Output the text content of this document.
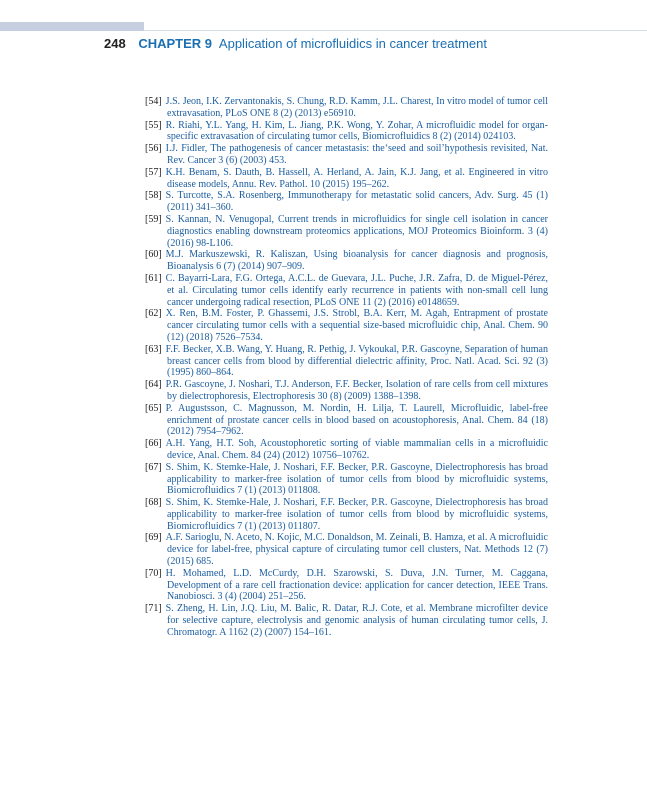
248 CHAPTER 9 Application of microfluidics in cancer treatment
[54] J.S. Jeon, I.K. Zervantonakis, S. Chung, R.D. Kamm, J.L. Charest, In vitro model of tumor cell extravasation, PLoS ONE 8 (2) (2013) e56910.
[55] R. Riahi, Y.L. Yang, H. Kim, L. Jiang, P.K. Wong, Y. Zohar, A microfluidic model for organ-specific extravasation of circulating tumor cells, Biomicrofluidics 8 (2) (2014) 024103.
[56] I.J. Fidler, The pathogenesis of cancer metastasis: the‘seed and soil’hypothesis revisited, Nat. Rev. Cancer 3 (6) (2003) 453.
[57] K.H. Benam, S. Dauth, B. Hassell, A. Herland, A. Jain, K.J. Jang, et al. Engineered in vitro disease models, Annu. Rev. Pathol. 10 (2015) 195–262.
[58] S. Turcotte, S.A. Rosenberg, Immunotherapy for metastatic solid cancers, Adv. Surg. 45 (1) (2011) 341–360.
[59] S. Kannan, N. Venugopal, Current trends in microfluidics for single cell isolation in cancer diagnostics enabling downstream proteomics applications, MOJ Proteomics Bioinform. 3 (4) (2016) 98-L106.
[60] M.J. Markuszewski, R. Kaliszan, Using bioanalysis for cancer diagnosis and prognosis, Bioanalysis 6 (7) (2014) 907–909.
[61] C. Bayarri-Lara, F.G. Ortega, A.C.L. de Guevara, J.L. Puche, J.R. Zafra, D. de Miguel-Pérez, et al. Circulating tumor cells identify early recurrence in patients with non-small cell lung cancer undergoing radical resection, PLoS ONE 11 (2) (2016) e0148659.
[62] X. Ren, B.M. Foster, P. Ghassemi, J.S. Strobl, B.A. Kerr, M. Agah, Entrapment of prostate cancer circulating tumor cells with a sequential size-based microfluidic chip, Anal. Chem. 90 (12) (2018) 7526–7534.
[63] F.F. Becker, X.B. Wang, Y. Huang, R. Pethig, J. Vykoukal, P.R. Gascoyne, Separation of human breast cancer cells from blood by differential dielectric affinity, Proc. Natl. Acad. Sci. 92 (3) (1995) 860–864.
[64] P.R. Gascoyne, J. Noshari, T.J. Anderson, F.F. Becker, Isolation of rare cells from cell mixtures by dielectrophoresis, Electrophoresis 30 (8) (2009) 1388–1398.
[65] P. Augustsson, C. Magnusson, M. Nordin, H. Lilja, T. Laurell, Microfluidic, label-free enrichment of prostate cancer cells in blood based on acoustophoresis, Anal. Chem. 84 (18) (2012) 7954–7962.
[66] A.H. Yang, H.T. Soh, Acoustophoretic sorting of viable mammalian cells in a microfluidic device, Anal. Chem. 84 (24) (2012) 10756–10762.
[67] S. Shim, K. Stemke-Hale, J. Noshari, F.F. Becker, P.R. Gascoyne, Dielectrophoresis has broad applicability to marker-free isolation of tumor cells from blood by microfluidic systems, Biomicrofluidics 7 (1) (2013) 011808.
[68] S. Shim, K. Stemke-Hale, J. Noshari, F.F. Becker, P.R. Gascoyne, Dielectrophoresis has broad applicability to marker-free isolation of tumor cells from blood by microfluidic systems, Biomicrofluidics 7 (1) (2013) 011807.
[69] A.F. Sarioglu, N. Aceto, N. Kojic, M.C. Donaldson, M. Zeinali, B. Hamza, et al. A microfluidic device for label-free, physical capture of circulating tumor cell clusters, Nat. Methods 12 (7) (2015) 685.
[70] H. Mohamed, L.D. McCurdy, D.H. Szarowski, S. Duva, J.N. Turner, M. Caggana, Development of a rare cell fractionation device: application for cancer detection, IEEE Trans. Nanobiosci. 3 (4) (2004) 251–256.
[71] S. Zheng, H. Lin, J.Q. Liu, M. Balic, R. Datar, R.J. Cote, et al. Membrane microfilter device for selective capture, electrolysis and genomic analysis of human circulating tumor cells, J. Chromatogr. A 1162 (2) (2007) 154–161.
